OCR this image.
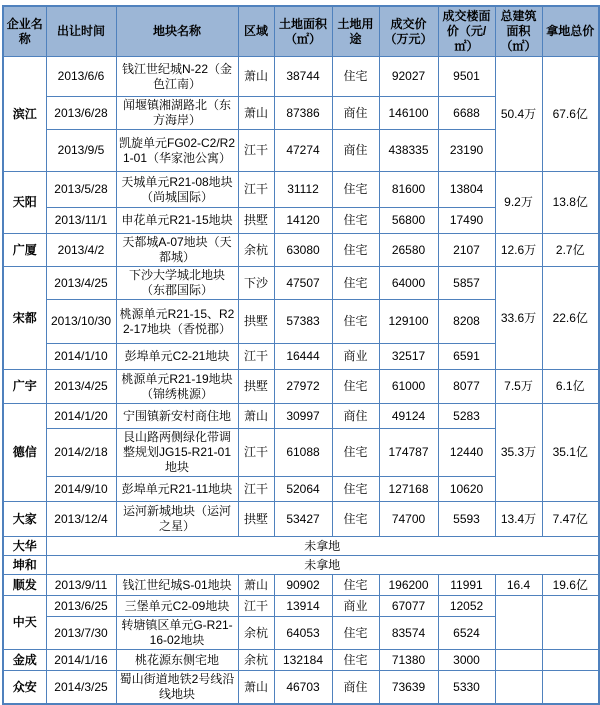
企业名称	出让时间	地块名称	区域	土地面积（㎡）	土地用途	成交价（万元）	成交楼面价（元/㎡）	总建筑面积（㎡）	拿地总价
滨江	2013/6/6	钱江世纪城N-22（金色江南）	萧山	38744	住宅	92027	9501	50.4万	67.6亿
	2013/6/28	闻堰镇湘湖路北（东方海岸）	萧山	87386	商住	146100	6688		
	2013/9/5	凯旋单元FG02-C2/R21-01（华家池公寓）	江干	47274	商住	438335	23190		
天阳	2013/5/28	天城单元R21-08地块（尚城国际）	江干	31112	住宅	81600	13804	9.2万	13.8亿
	2013/11/1	申花单元R21-15地块	拱墅	14120	住宅	56800	17490		
广厦	2013/4/2	天都城A-07地块（天都城）	余杭	63080	住宅	26580	2107	12.6万	2.7亿
宋都	2013/4/25	下沙大学城北地块（东郡国际）	下沙	47507	住宅	64000	5857	33.6万	22.6亿
	2013/10/30	桃源单元R21-15、R22-17地块（香悦郡）	拱墅	57383	住宅	129100	8208		
	2014/1/10	彭埠单元C2-21地块	江干	16444	商业	32517	6591		
广宇	2013/4/25	桃源单元R21-19地块（锦绣桃源）	拱墅	27972	住宅	61000	8077	7.5万	6.1亿
德信	2014/1/20	宁围镇新安村商住地	萧山	30997	商住	49124	5283	35.3万	35.1亿
	2014/2/18	艮山路两侧绿化带调整规划JG15-R21-01地块	江干	61088	住宅	174787	12440		
	2014/9/10	彭埠单元R21-11地块	江干	52064	住宅	127168	10620		
大家	2013/12/4	运河新城地块（运河之星）	拱墅	53427	住宅	74700	5593	13.4万	7.47亿
大华	未拿地								
坤和	未拿地								
顺发	2013/9/11	钱江世纪城S-01地块	萧山	90902	住宅	196200	11991	16.4	19.6亿
中天	2013/6/25	三堡单元C2-09地块	江干	13914	商业	67077	12052		
	2013/7/30	转塘镇区单元G-R21-16-02地块	余杭	64053	住宅	83574	6524		
金成	2014/1/16	桃花源东侧宅地	余杭	132184	住宅	71380	3000		
众安	2014/3/25	蜀山街道地铁2号线沿线地块	萧山	46703	商住	73639	5330		
